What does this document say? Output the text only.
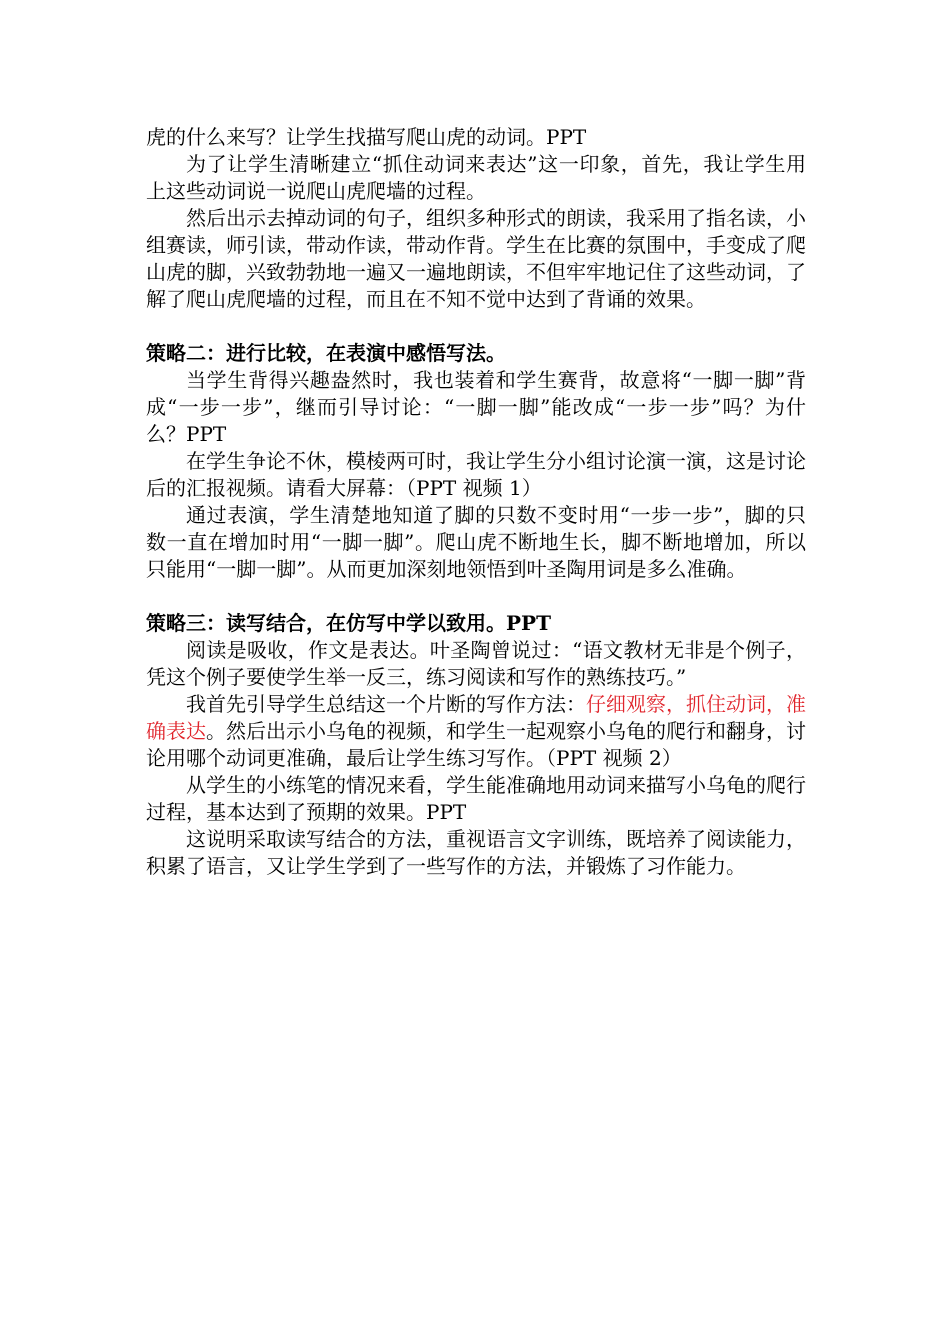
虎的什么来写？让学生找描写爬山虎的动词。PPT

为了让学生清晰建立“抓住动词来表达”这一印象，首先，我让学生用上这些动词说一说爬山虎爬墙的过程。

然后出示去掉动词的句子，组织多种形式的朗读，我采用了指名读，小组赛读，师引读，带动作读，带动作背。学生在比赛的氛围中，手变成了爬山虎的脚，兴致勃勃地一遍又一遍地朗读，不但牢牢地记住了这些动词，了解了爬山虎爬墙的过程，而且在不知不觉中达到了背诵的效果。

策略二：进行比较，在表演中感悟写法。

当学生背得兴趣盎然时，我也装着和学生赛背，故意将“一脚一脚”背成“一步一步”，继而引导讨论：“一脚一脚”能改成“一步一步”吗？为什么？PPT

在学生争论不休，模棱两可时，我让学生分小组讨论演一演，这是讨论后的汇报视频。请看大屏幕：（PPT 视频 1）

通过表演，学生清楚地知道了脚的只数不变时用“一步一步”，脚的只数一直在增加时用“一脚一脚”。爬山虎不断地生长，脚不断地增加，所以只能用“一脚一脚”。从而更加深刻地领悟到叶圣陶用词是多么准确。

策略三：读写结合，在仿写中学以致用。PPT

阅读是吸收，作文是表达。叶圣陶曾说过：“语文教材无非是个例子，凭这个例子要使学生举一反三，练习阅读和写作的熟练技巧。”

我首先引导学生总结这一个片断的写作方法：仔细观察，抓住动词，准确表达。然后出示小乌龟的视频，和学生一起观察小乌龟的爬行和翻身，讨论用哪个动词更准确，最后让学生练习写作。（PPT 视频 2）

从学生的小练笔的情况来看，学生能准确地用动词来描写小乌龟的爬行过程，基本达到了预期的效果。PPT

这说明采取读写结合的方法，重视语言文字训练，既培养了阅读能力，积累了语言，又让学生学到了一些写作的方法，并锻炼了习作能力。
